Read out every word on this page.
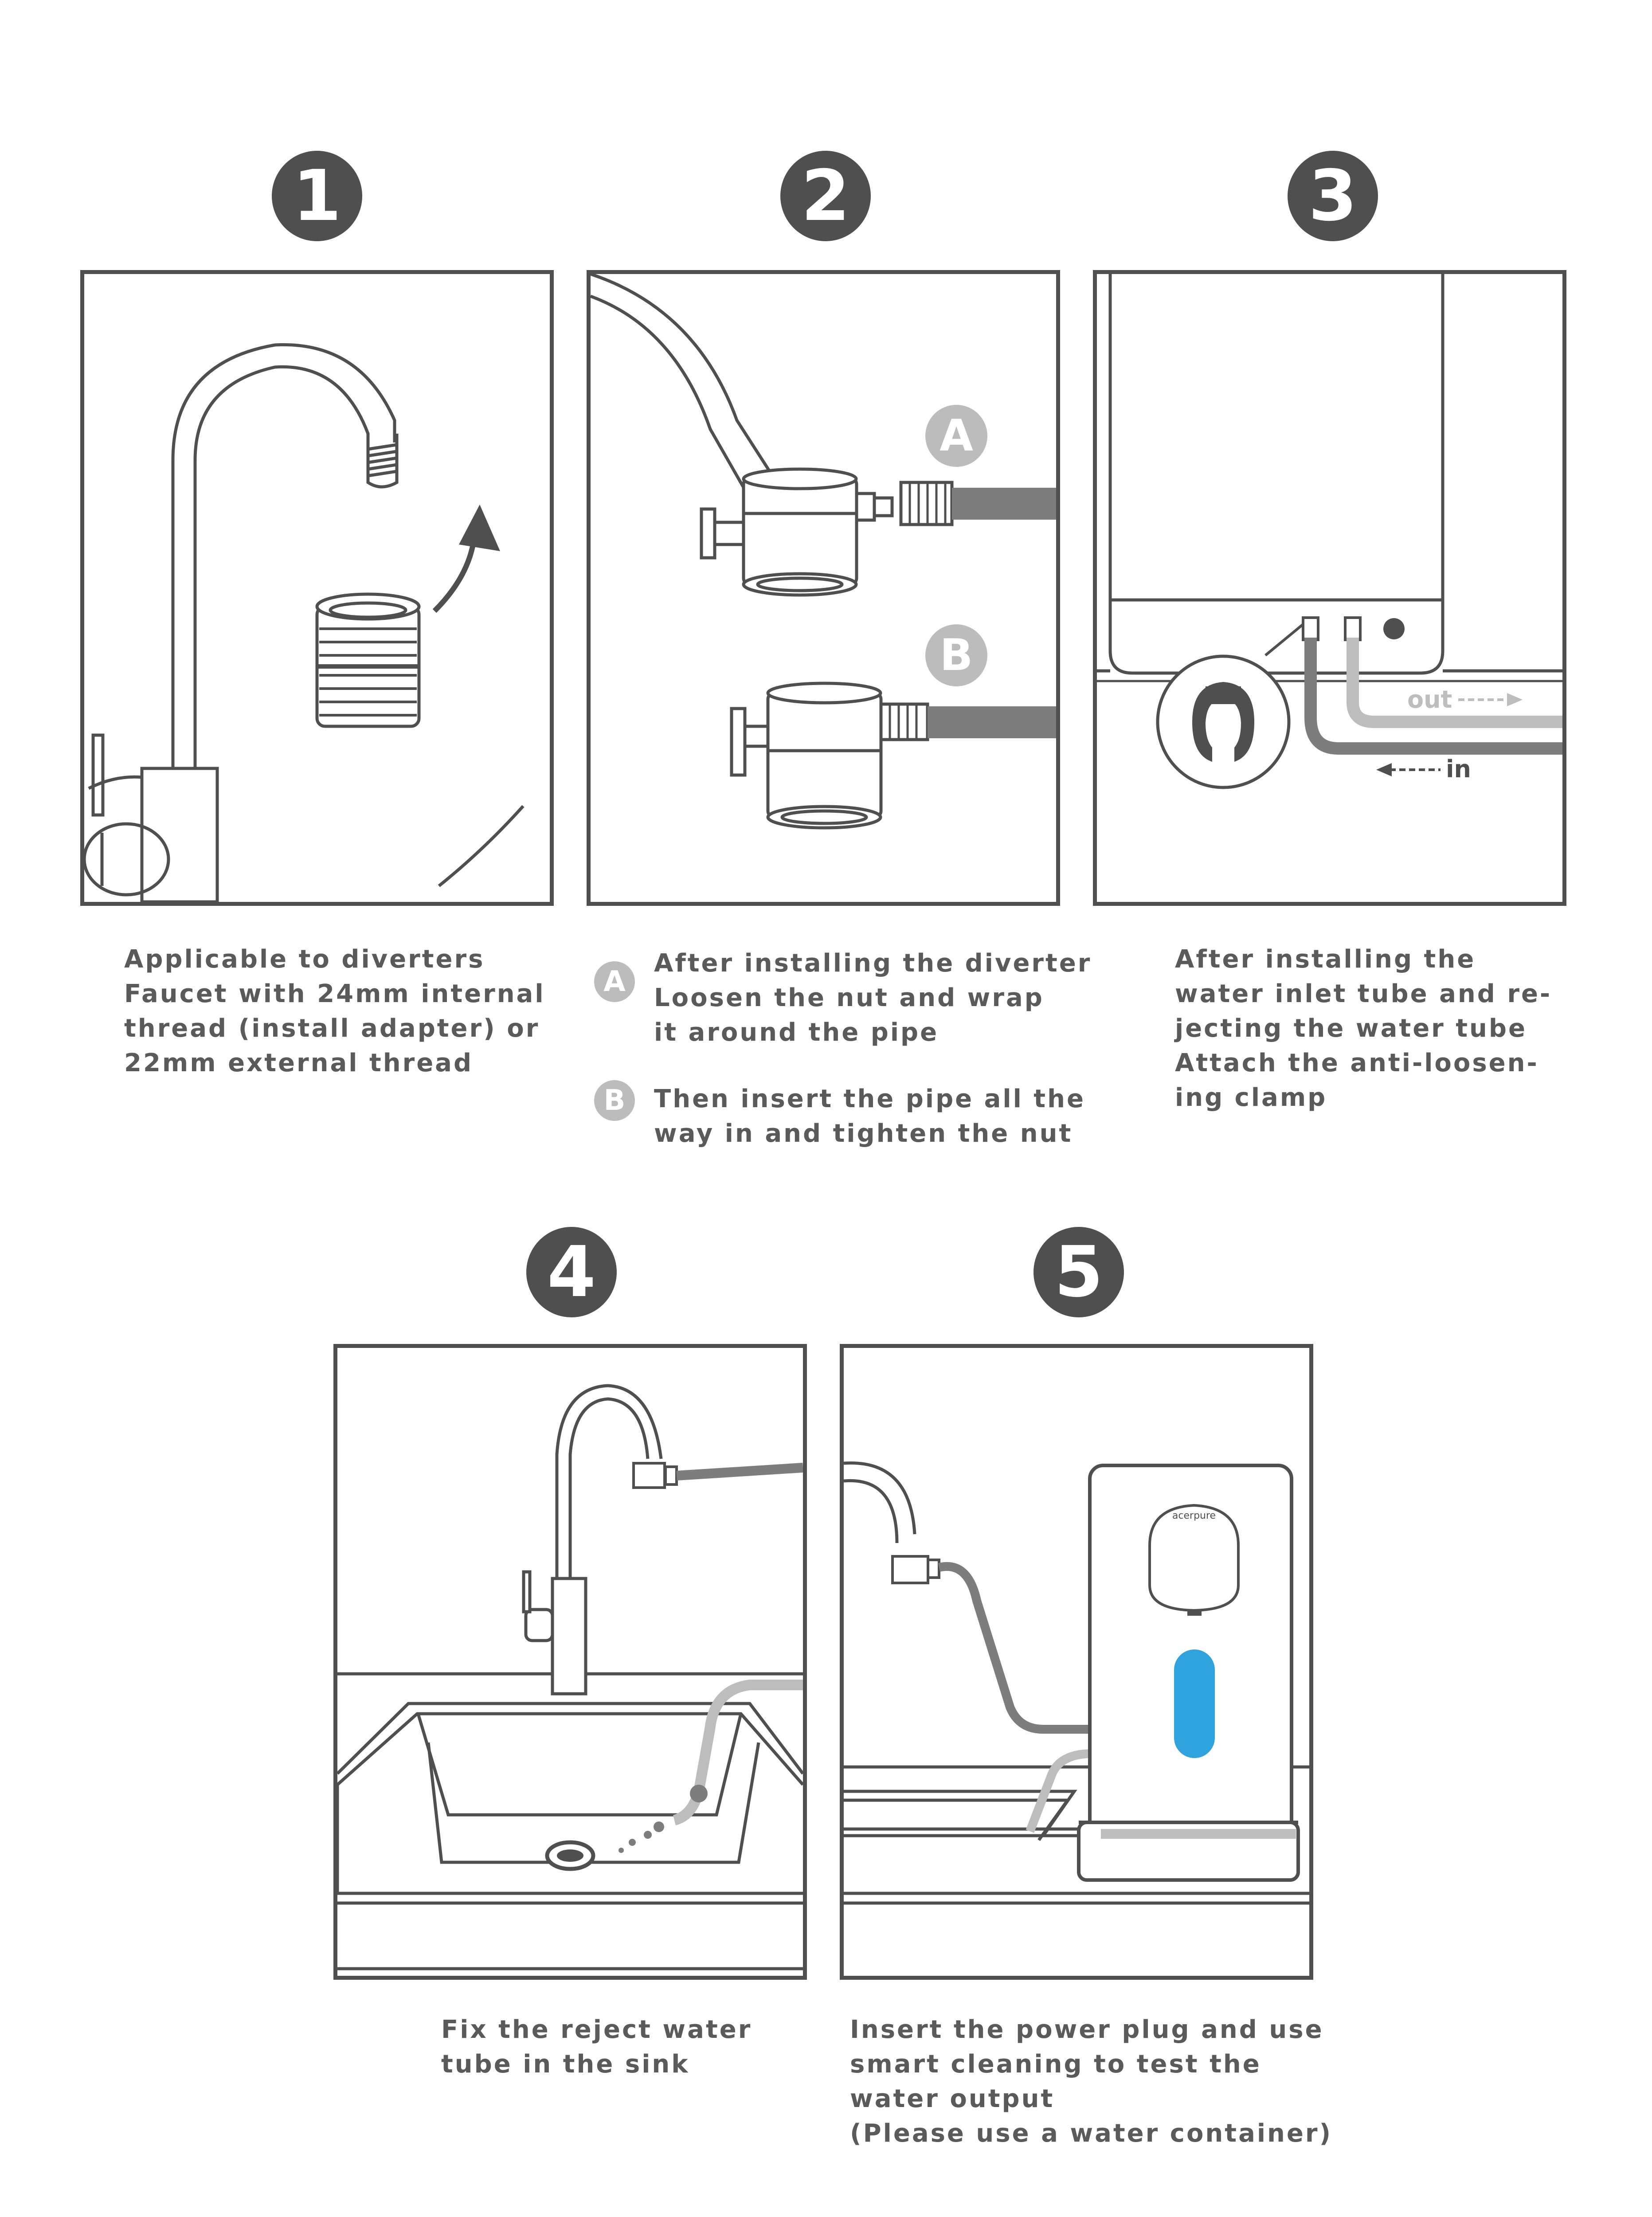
1
Applicable to diverters
Faucet with 24mm internal
thread (install adapter) or
22mm external thread
2
A
B
A
After installing the diverter
Loosen the nut and wrap
it around the pipe
B	Then insert the pipe all the
way in and tighten the nut
3
out
in
After installing the
water inlet tube and re-
jecting the water tube
Attach the anti-loosen-
ing clamp
4
Fix the reject water
tube in the sink
5
acerpure
Insert the power plug and use
smart cleaning to test the
water output
(Please use a water container)
